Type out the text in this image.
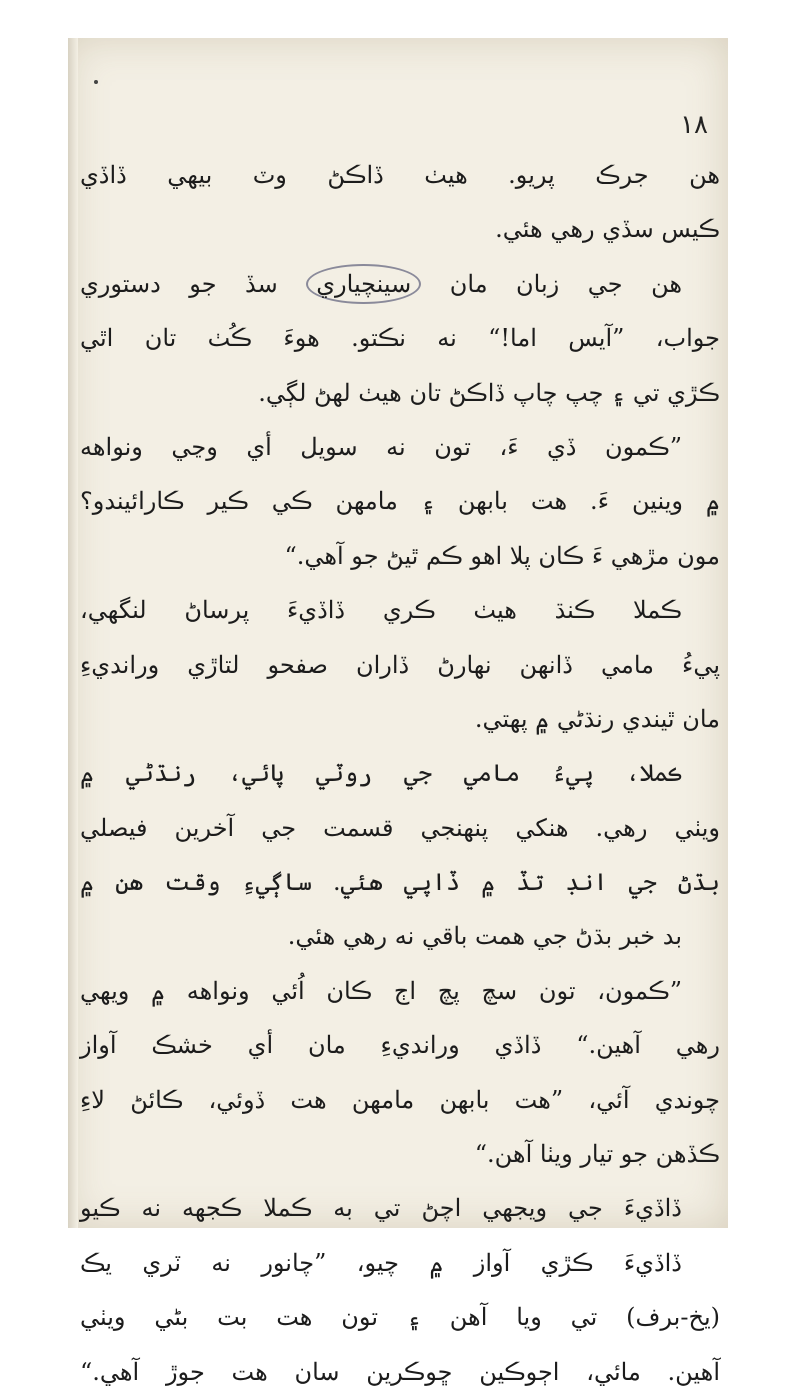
١٨
هن جرڪ پريو. هيٺ ڏاڪڻ وٽ بيهي ڏاڏي
ڪيس سڏي رهي هئي.
هن جي زبان مان سينچياري سڏ جو دستوري
جواب، ”آيس اما!“ نه نڪتو. هوءَ ڪُٺ تان اٿي
ڪڙي تي ۽ چپ چاپ ڏاڪڻ تان هيٺ لهڻ لڳي.
”ڪمون ڏي ءَ، تون نه سويل أي وڃي ونواهه
۾ وينين ءَ. هت بابهن ۽ مامهن ڪي ڪير ڪارائيندو؟
مون مڙهي ءَ ڪان پلا اهو ڪم ٿيڻ جو آهي.“
ڪملا ڪنڌ هيٺ ڪري ڏاڏيءَ پرساڻ لنگهي،
پيءُ مامي ڏانهن نهارڻ ڏاران صفحو لتاڙي ورانديءِ
مان ٿيندي رنڌڻي ۾ پهتي.
ڪملا، پيءُ مامي جي روٽي پائي، رنڌڻي ۾
ويٺي رهي. هنکي پنهنجي قسمت جي آخرين فيصلي
بڌڻ جي انڊ تڏ ۾ ڏاپي هئي. ساڳيءِ وقت هن ۾
بد خبر بڌڻ جي همت باقي نه رهي هئي.
”ڪمون، تون سچ پچ اڄ ڪان اُئي ونواهه ۾ ويهي
رهي آهين.“ ڏاڏي ورانديءِ مان أي خشڪ آواز
چوندي آئي، ”هت بابهن مامهن هت ڏوئي، ڪائڻ لاءِ
ڪڏهن جو تيار ويٺا آهن.“
ڏاڏيءَ جي ويجهي اچڻ تي به ڪملا ڪجهه نه ڪيو
ڏاڏيءَ ڪڙي آواز ۾ چيو، ”چانور نه ٽري يڪ
(يخ-برف) تي ويا آهن ۽ تون هت بت بڻي ويٺي
آهين. مائي، اڄوڪين ڇوڪرين سان هت جوڙ آهي.“
